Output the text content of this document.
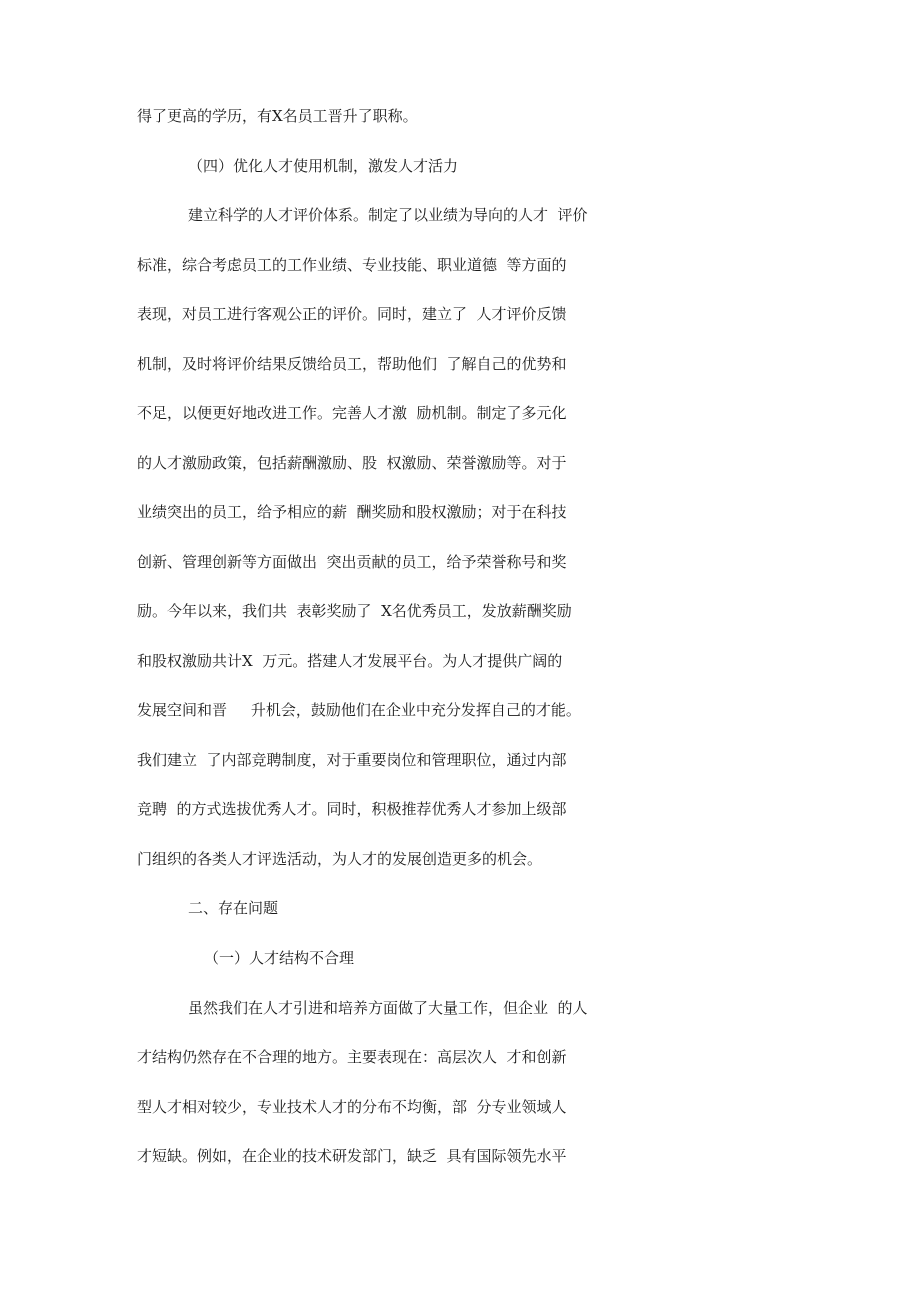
得了更高的学历，有X名员工晋升了职称。
（四）优化人才使用机制，激发人才活力
建立科学的人才评价体系。制定了以业绩为导向的人才  评价
标准，综合考虑员工的工作业绩、专业技能、职业道德  等方面的
表现，对员工进行客观公正的评价。同时，建立了  人才评价反馈
机制，及时将评价结果反馈给员工，帮助他们  了解自己的优势和
不足，以便更好地改进工作。完善人才激  励机制。制定了多元化
的人才激励政策，包括薪酬激励、股  权激励、荣誉激励等。对于
业绩突出的员工，给予相应的薪  酬奖励和股权激励；对于在科技
创新、管理创新等方面做出  突出贡献的员工，给予荣誉称号和奖
励。今年以来，我们共  表彰奖励了  X名优秀员工，发放薪酬奖励
和股权激励共计X  万元。搭建人才发展平台。为人才提供广阔的
发展空间和晋     升机会，鼓励他们在企业中充分发挥自己的才能。
我们建立  了内部竞聘制度，对于重要岗位和管理职位，通过内部
竞聘  的方式选拔优秀人才。同时，积极推荐优秀人才参加上级部
门组织的各类人才评选活动，为人才的发展创造更多的机会。
二、存在问题
（一）人才结构不合理
虽然我们在人才引进和培养方面做了大量工作，但企业  的人
才结构仍然存在不合理的地方。主要表现在：高层次人  才和创新
型人才相对较少，专业技术人才的分布不均衡，部  分专业领域人
才短缺。例如，在企业的技术研发部门，缺乏  具有国际领先水平
